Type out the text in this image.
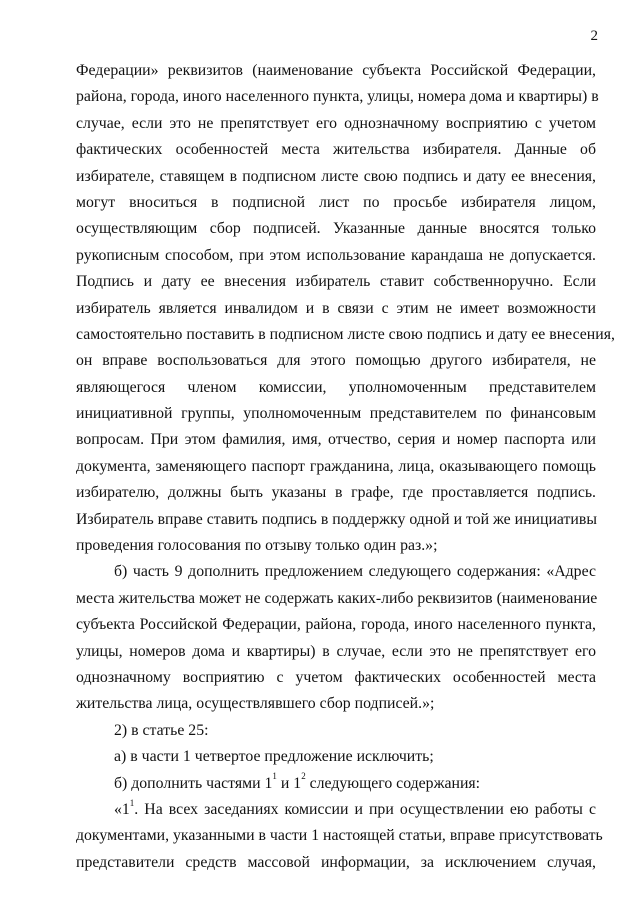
2
Федерации» реквизитов (наименование субъекта Российской Федерации,
района, города, иного населенного пункта, улицы, номера дома и квартиры) в
случае, если это не препятствует его однозначному восприятию с учетом
фактических особенностей места жительства избирателя. Данные об
избирателе, ставящем в подписном листе свою подпись и дату ее внесения,
могут вноситься в подписной лист по просьбе избирателя лицом,
осуществляющим сбор подписей. Указанные данные вносятся только
рукописным способом, при этом использование карандаша не допускается.
Подпись и дату ее внесения избиратель ставит собственноручно. Если
избиратель является инвалидом и в связи с этим не имеет возможности
самостоятельно поставить в подписном листе свою подпись и дату ее внесения,
он вправе воспользоваться для этого помощью другого избирателя, не
являющегося членом комиссии, уполномоченным представителем
инициативной группы, уполномоченным представителем по финансовым
вопросам. При этом фамилия, имя, отчество, серия и номер паспорта или
документа, заменяющего паспорт гражданина, лица, оказывающего помощь
избирателю, должны быть указаны в графе, где проставляется подпись.
Избиратель вправе ставить подпись в поддержку одной и той же инициативы
проведения голосования по отзыву только один раз.»;
б) часть 9 дополнить предложением следующего содержания: «Адрес
места жительства может не содержать каких-либо реквизитов (наименование
субъекта Российской Федерации, района, города, иного населенного пункта,
улицы, номеров дома и квартиры) в случае, если это не препятствует его
однозначному восприятию с учетом фактических особенностей места
жительства лица, осуществлявшего сбор подписей.»;
2) в статье 25:
а) в части 1 четвертое предложение исключить;
б) дополнить частями $1^1$ и $1^2$ следующего содержания:
«$1^1$. На всех заседаниях комиссии и при осуществлении ею работы с
документами, указанными в части 1 настоящей статьи, вправе присутствовать
представители средств массовой информации, за исключением случая,
